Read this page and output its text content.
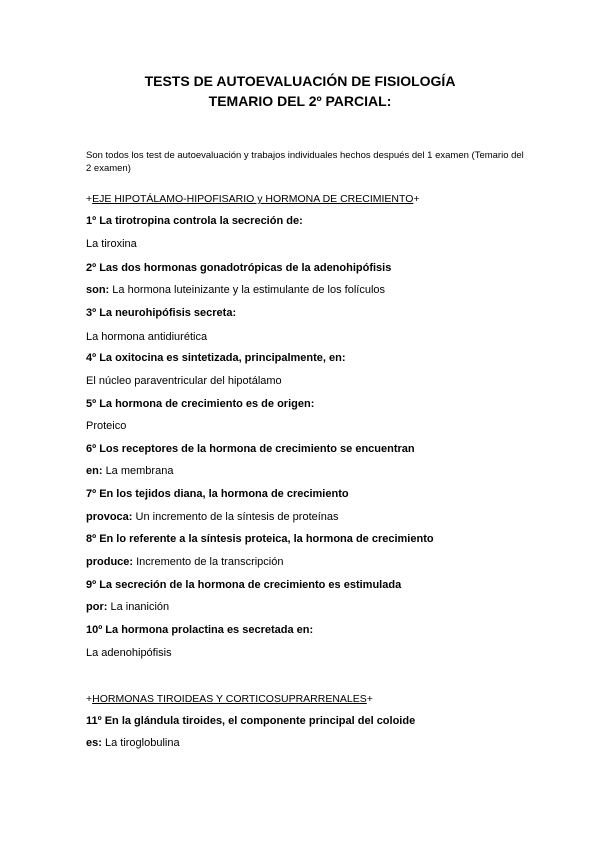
TESTS DE AUTOEVALUACIÓN DE FISIOLOGÍA
TEMARIO DEL 2º PARCIAL:
Son todos los test de autoevaluación y trabajos individuales hechos después del 1 examen (Temario del 2 examen)
+EJE HIPOTÁLAMO-HIPOFISARIO y HORMONA DE CRECIMIENTO+
1º La tirotropina controla la secreción de:
La tiroxina
2º Las dos hormonas gonadotrópicas de la adenohipófisis
son: La hormona luteinizante y la estimulante de los folículos
3º La neurohipófisis secreta:
La hormona antidiurética
4º La oxitocina es sintetizada, principalmente, en:
El núcleo paraventricular del hipotálamo
5º La hormona de crecimiento es de origen:
Proteico
6º Los receptores de la hormona de crecimiento se encuentran
en: La membrana
7º En los tejidos diana, la hormona de crecimiento
provoca: Un incremento de la síntesis de proteínas
8º En lo referente a la síntesis proteica, la hormona de crecimiento
produce: Incremento de la transcripción
9º La secreción de la hormona de crecimiento es estimulada
por: La inanición
10º La hormona prolactina es secretada en:
La adenohipófisis
+HORMONAS TIROIDEAS Y CORTICOSUPRARRENALES+
11º En la glándula tiroides, el componente principal del coloide
es: La tiroglobulina
